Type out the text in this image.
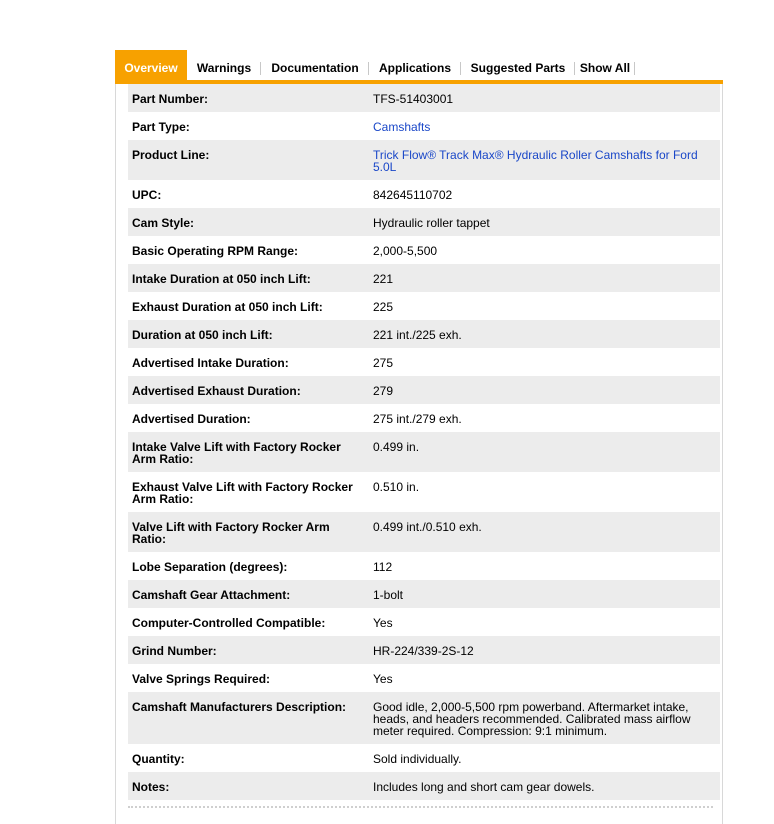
Overview	Warnings	Documentation	Applications	Suggested Parts	Show All
Part Number:	TFS-51403001
Part Type:	Camshafts
Product Line:	Trick Flow® Track Max® Hydraulic Roller Camshafts for Ford 5.0L
UPC:	842645110702
Cam Style:	Hydraulic roller tappet
Basic Operating RPM Range:	2,000-5,500
Intake Duration at 050 inch Lift:	221
Exhaust Duration at 050 inch Lift:	225
Duration at 050 inch Lift:	221 int./225 exh.
Advertised Intake Duration:	275
Advertised Exhaust Duration:	279
Advertised Duration:	275 int./279 exh.
Intake Valve Lift with Factory Rocker Arm Ratio:	0.499 in.
Exhaust Valve Lift with Factory Rocker Arm Ratio:	0.510 in.
Valve Lift with Factory Rocker Arm Ratio:	0.499 int./0.510 exh.
Lobe Separation (degrees):	112
Camshaft Gear Attachment:	1-bolt
Computer-Controlled Compatible:	Yes
Grind Number:	HR-224/339-2S-12
Valve Springs Required:	Yes
Camshaft Manufacturers Description:	Good idle, 2,000-5,500 rpm powerband. Aftermarket intake, heads, and headers recommended. Calibrated mass airflow meter required. Compression: 9:1 minimum.
Quantity:	Sold individually.
Notes:	Includes long and short cam gear dowels.
